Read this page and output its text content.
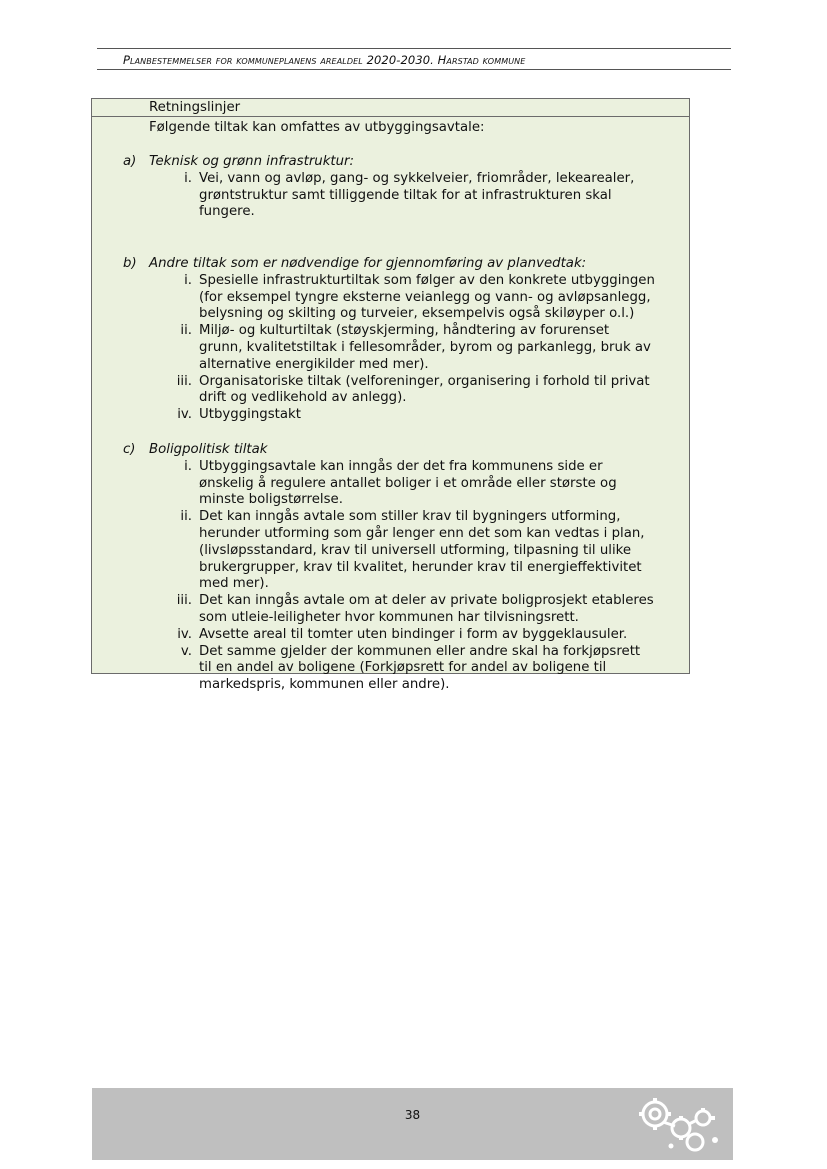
Planbestemmelser for kommuneplanens arealdel 2020-2030. Harstad kommune
Retningslinjer
Følgende tiltak kan omfattes av utbyggingsavtale:
a) Teknisk og grønn infrastruktur:
i. Vei, vann og avløp, gang- og sykkelveier, friområder, lekearealer,
grøntstruktur samt tilliggende tiltak for at infrastrukturen skal
fungere.
b) Andre tiltak som er nødvendige for gjennomføring av planvedtak:
i. Spesielle infrastrukturtiltak som følger av den konkrete utbyggingen
(for eksempel tyngre eksterne veianlegg og vann- og avløpsanlegg,
belysning og skilting og turveier, eksempelvis også skiløyper o.l.)
ii. Miljø- og kulturtiltak (støyskjerming, håndtering av forurenset
grunn, kvalitetstiltak i fellesområder, byrom og parkanlegg, bruk av
alternative energikilder med mer).
iii. Organisatoriske tiltak (velforeninger, organisering i forhold til privat
drift og vedlikehold av anlegg).
iv. Utbyggingstakt
c) Boligpolitisk tiltak
i. Utbyggingsavtale kan inngås der det fra kommunens side er
ønskelig å regulere antallet boliger i et område eller største og
minste boligstørrelse.
ii. Det kan inngås avtale som stiller krav til bygningers utforming,
herunder utforming som går lenger enn det som kan vedtas i plan,
(livsløpsstandard, krav til universell utforming, tilpasning til ulike
brukergrupper, krav til kvalitet, herunder krav til energieffektivitet
med mer).
iii. Det kan inngås avtale om at deler av private boligprosjekt etableres
som utleie-leiligheter hvor kommunen har tilvisningsrett.
iv. Avsette areal til tomter uten bindinger i form av byggeklausuler.
v. Det samme gjelder der kommunen eller andre skal ha forkjøpsrett
til en andel av boligene (Forkjøpsrett for andel av boligene til
markedspris, kommunen eller andre).
38
